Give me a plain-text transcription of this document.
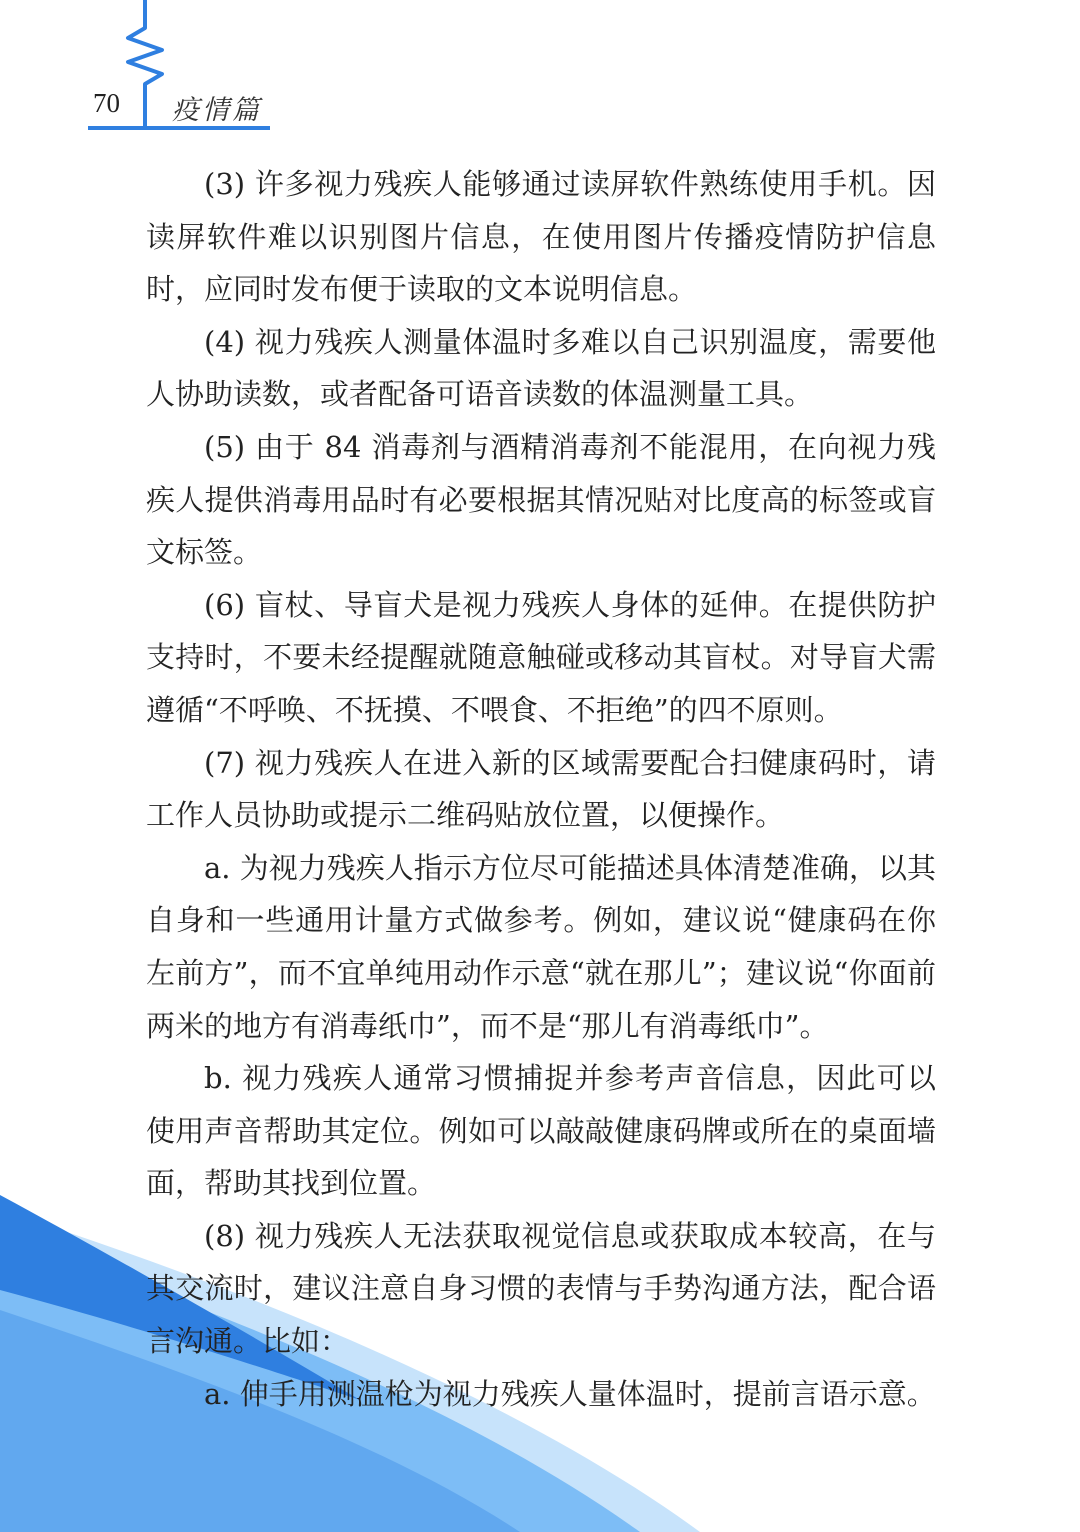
70 疫情篇

(3) 许多视力残疾人能够通过读屏软件熟练使用手机。因读屏软件难以识别图片信息，在使用图片传播疫情防护信息时，应同时发布便于读取的文本说明信息。

(4) 视力残疾人测量体温时多难以自己识别温度，需要他人协助读数，或者配备可语音读数的体温测量工具。

(5) 由于 84 消毒剂与酒精消毒剂不能混用，在向视力残疾人提供消毒用品时有必要根据其情况贴对比度高的标签或盲文标签。

(6) 盲杖、导盲犬是视力残疾人身体的延伸。在提供防护支持时，不要未经提醒就随意触碰或移动其盲杖。对导盲犬需遵循“不呼唤、不抚摸、不喂食、不拒绝”的四不原则。

(7) 视力残疾人在进入新的区域需要配合扫健康码时，请工作人员协助或提示二维码贴放位置，以便操作。

a. 为视力残疾人指示方位尽可能描述具体清楚准确，以其自身和一些通用计量方式做参考。例如，建议说“健康码在你左前方”，而不宜单纯用动作示意“就在那儿”；建议说“你面前两米的地方有消毒纸巾”，而不是“那儿有消毒纸巾”。

b. 视力残疾人通常习惯捕捉并参考声音信息，因此可以使用声音帮助其定位。例如可以敲敲健康码牌或所在的桌面墙面，帮助其找到位置。

(8) 视力残疾人无法获取视觉信息或获取成本较高，在与其交流时，建议注意自身习惯的表情与手势沟通方法，配合语言沟通。比如：

a. 伸手用测温枪为视力残疾人量体温时，提前言语示意。
